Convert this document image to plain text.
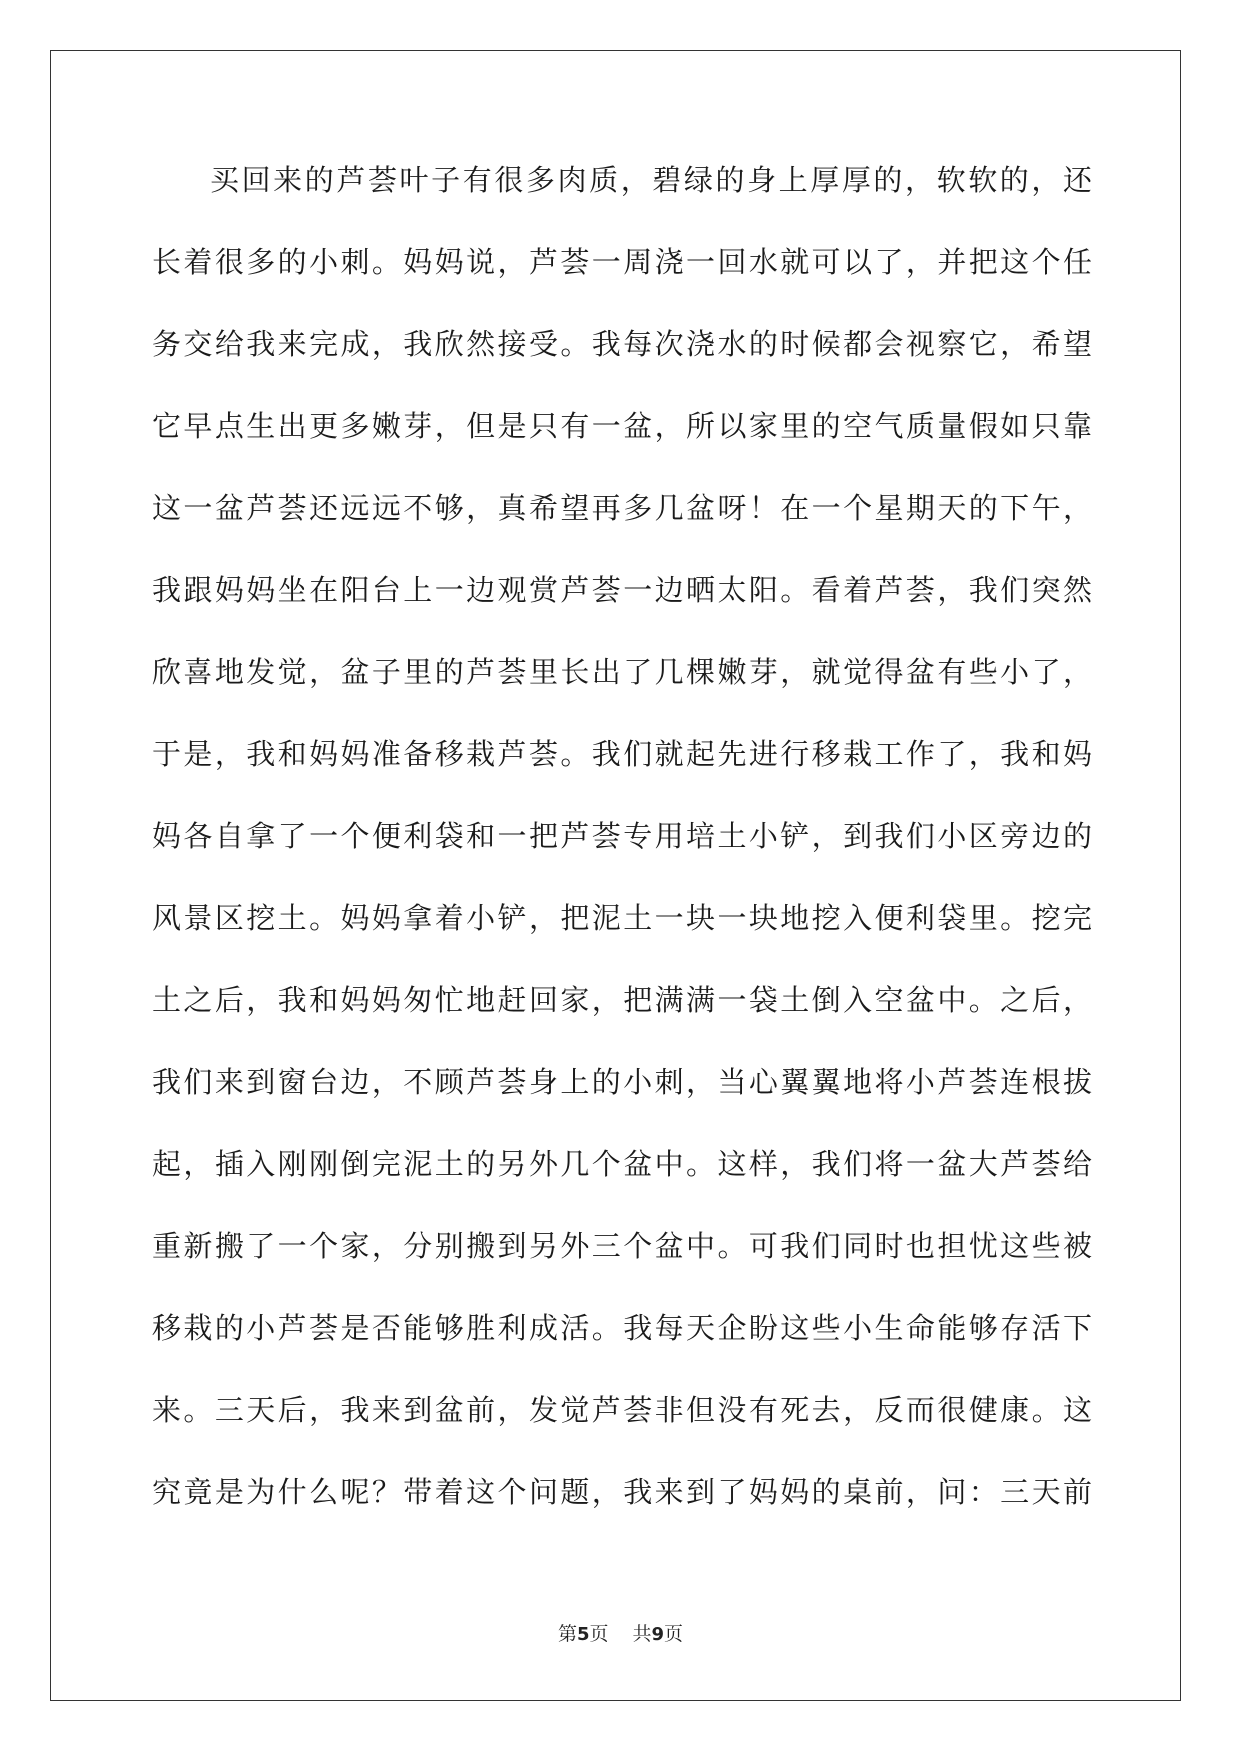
买回来的芦荟叶子有很多肉质，碧绿的身上厚厚的，软软的，还
长着很多的小刺。妈妈说，芦荟一周浇一回水就可以了，并把这个任
务交给我来完成，我欣然接受。我每次浇水的时候都会视察它，希望
它早点生出更多嫩芽，但是只有一盆，所以家里的空气质量假如只靠
这一盆芦荟还远远不够，真希望再多几盆呀！在一个星期天的下午，
我跟妈妈坐在阳台上一边观赏芦荟一边晒太阳。看着芦荟，我们突然
欣喜地发觉，盆子里的芦荟里长出了几棵嫩芽，就觉得盆有些小了，
于是，我和妈妈准备移栽芦荟。我们就起先进行移栽工作了，我和妈
妈各自拿了一个便利袋和一把芦荟专用培土小铲，到我们小区旁边的
风景区挖土。妈妈拿着小铲，把泥土一块一块地挖入便利袋里。挖完
土之后，我和妈妈匆忙地赶回家，把满满一袋土倒入空盆中。之后，
我们来到窗台边，不顾芦荟身上的小刺，当心翼翼地将小芦荟连根拔
起，插入刚刚倒完泥土的另外几个盆中。这样，我们将一盆大芦荟给
重新搬了一个家，分别搬到另外三个盆中。可我们同时也担忧这些被
移栽的小芦荟是否能够胜利成活。我每天企盼这些小生命能够存活下
来。三天后，我来到盆前，发觉芦荟非但没有死去，反而很健康。这
究竟是为什么呢？带着这个问题，我来到了妈妈的桌前，问：三天前
第5页 共9页
